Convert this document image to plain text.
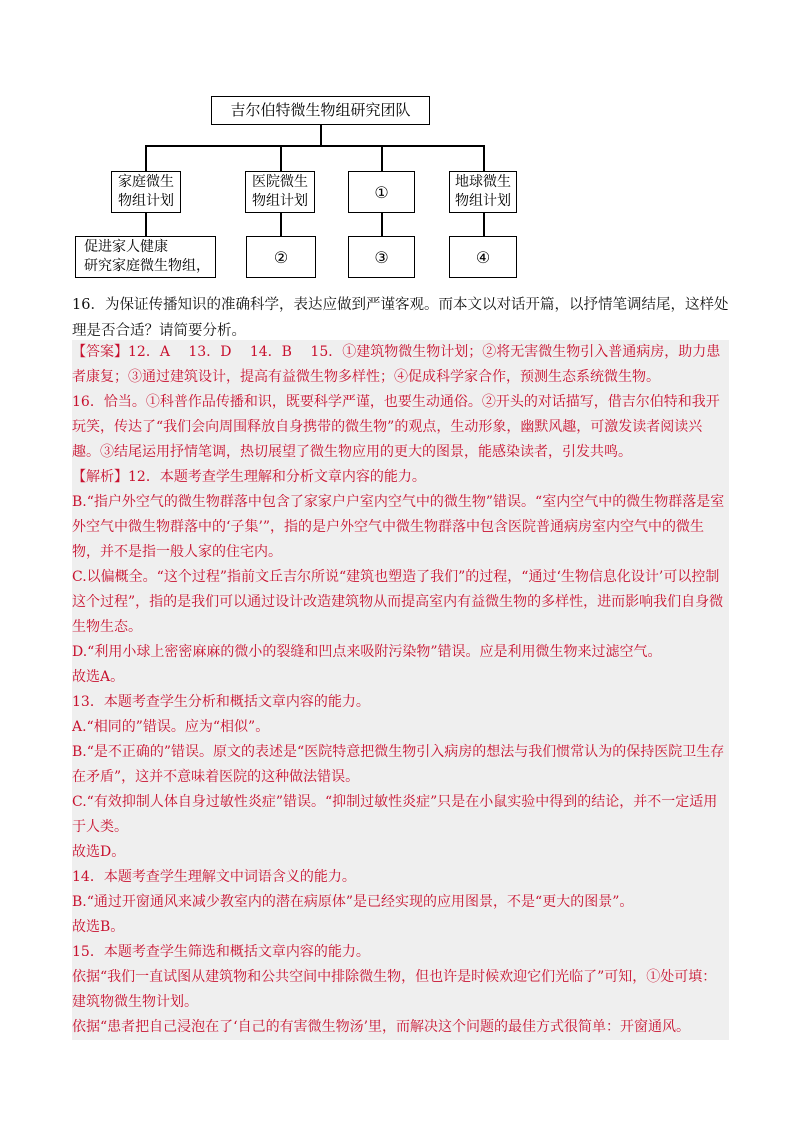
吉尔伯特微生物组研究团队
家庭微生
物组计划
医院微生
物组计划	①
地球微生
物组计划
促进家人健康
研究家庭微生物组，	②	③	④
16．为保证传播知识的准确科学，表达应做到严谨客观。而本文以对话开篇，以抒情笔调结尾，这样处理是否合适？请简要分析。

【答案】12．A　 13．D　 14．B　 15．①建筑物微生物计划；②将无害微生物引入普通病房，助力患者康复；③通过建筑设计，提高有益微生物多样性；④促成科学家合作，预测生态系统微生物。

16．恰当。①科普作品传播和识，既要科学严谨，也要生动通俗。②开头的对话描写，借吉尔伯特和我开玩笑，传达了“我们会向周围释放自身携带的微生物”的观点，生动形象，幽默风趣，可激发读者阅读兴趣。③结尾运用抒情笔调，热切展望了微生物应用的更大的图景，能感染读者，引发共鸣。

【解析】12．本题考查学生理解和分析文章内容的能力。

B.“指户外空气的微生物群落中包含了家家户户室内空气中的微生物”错误。“室内空气中的微生物群落是室外空气中微生物群落中的‘子集’”，指的是户外空气中微生物群落中包含医院普通病房室内空气中的微生物，并不是指一般人家的住宅内。

C.以偏概全。“这个过程”指前文丘吉尔所说“建筑也塑造了我们”的过程，“通过‘生物信息化设计’可以控制这个过程”，指的是我们可以通过设计改造建筑物从而提高室内有益微生物的多样性，进而影响我们自身微生物生态。

D.“利用小球上密密麻麻的微小的裂缝和凹点来吸附污染物”错误。应是利用微生物来过滤空气。

故选A。

13．本题考查学生分析和概括文章内容的能力。

A.“相同的”错误。应为“相似”。

B.“是不正确的”错误。原文的表述是“医院特意把微生物引入病房的想法与我们惯常认为的保持医院卫生存在矛盾”，这并不意味着医院的这种做法错误。

C.“有效抑制人体自身过敏性炎症”错误。“抑制过敏性炎症”只是在小鼠实验中得到的结论，并不一定适用于人类。

故选D。

14．本题考查学生理解文中词语含义的能力。

B.“通过开窗通风来减少教室内的潜在病原体”是已经实现的应用图景，不是“更大的图景”。

故选B。

15．本题考查学生筛选和概括文章内容的能力。

依据“我们一直试图从建筑物和公共空间中排除微生物，但也许是时候欢迎它们光临了”可知，①处可填：建筑物微生物计划。

依据“患者把自己浸泡在了‘自己的有害微生物汤’里，而解决这个问题的最佳方式很简单：开窗通风。
